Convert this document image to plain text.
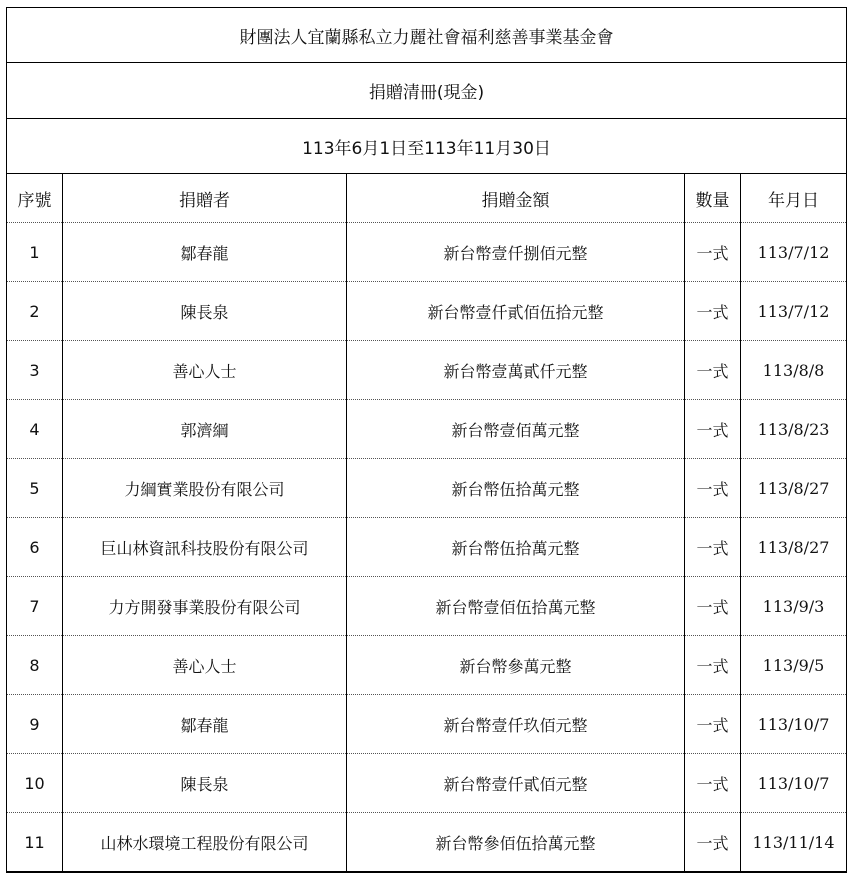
財團法人宜蘭縣私立力麗社會福利慈善事業基金會				
捐贈清冊(現金)				
113年6月1日至113年11月30日				
序號	捐贈者	捐贈金額	數量	年月日
1	鄒春龍	新台幣壹仟捌佰元整	一式	113/7/12
2	陳長泉	新台幣壹仟貳佰伍拾元整	一式	113/7/12
3	善心人士	新台幣壹萬貳仟元整	一式	113/8/8
4	郭濟綱	新台幣壹佰萬元整	一式	113/8/23
5	力綱實業股份有限公司	新台幣伍拾萬元整	一式	113/8/27
6	巨山林資訊科技股份有限公司	新台幣伍拾萬元整	一式	113/8/27
7	力方開發事業股份有限公司	新台幣壹佰伍拾萬元整	一式	113/9/3
8	善心人士	新台幣參萬元整	一式	113/9/5
9	鄒春龍	新台幣壹仟玖佰元整	一式	113/10/7
10	陳長泉	新台幣壹仟貳佰元整	一式	113/10/7
11	山林水環境工程股份有限公司	新台幣參佰伍拾萬元整	一式	113/11/14
